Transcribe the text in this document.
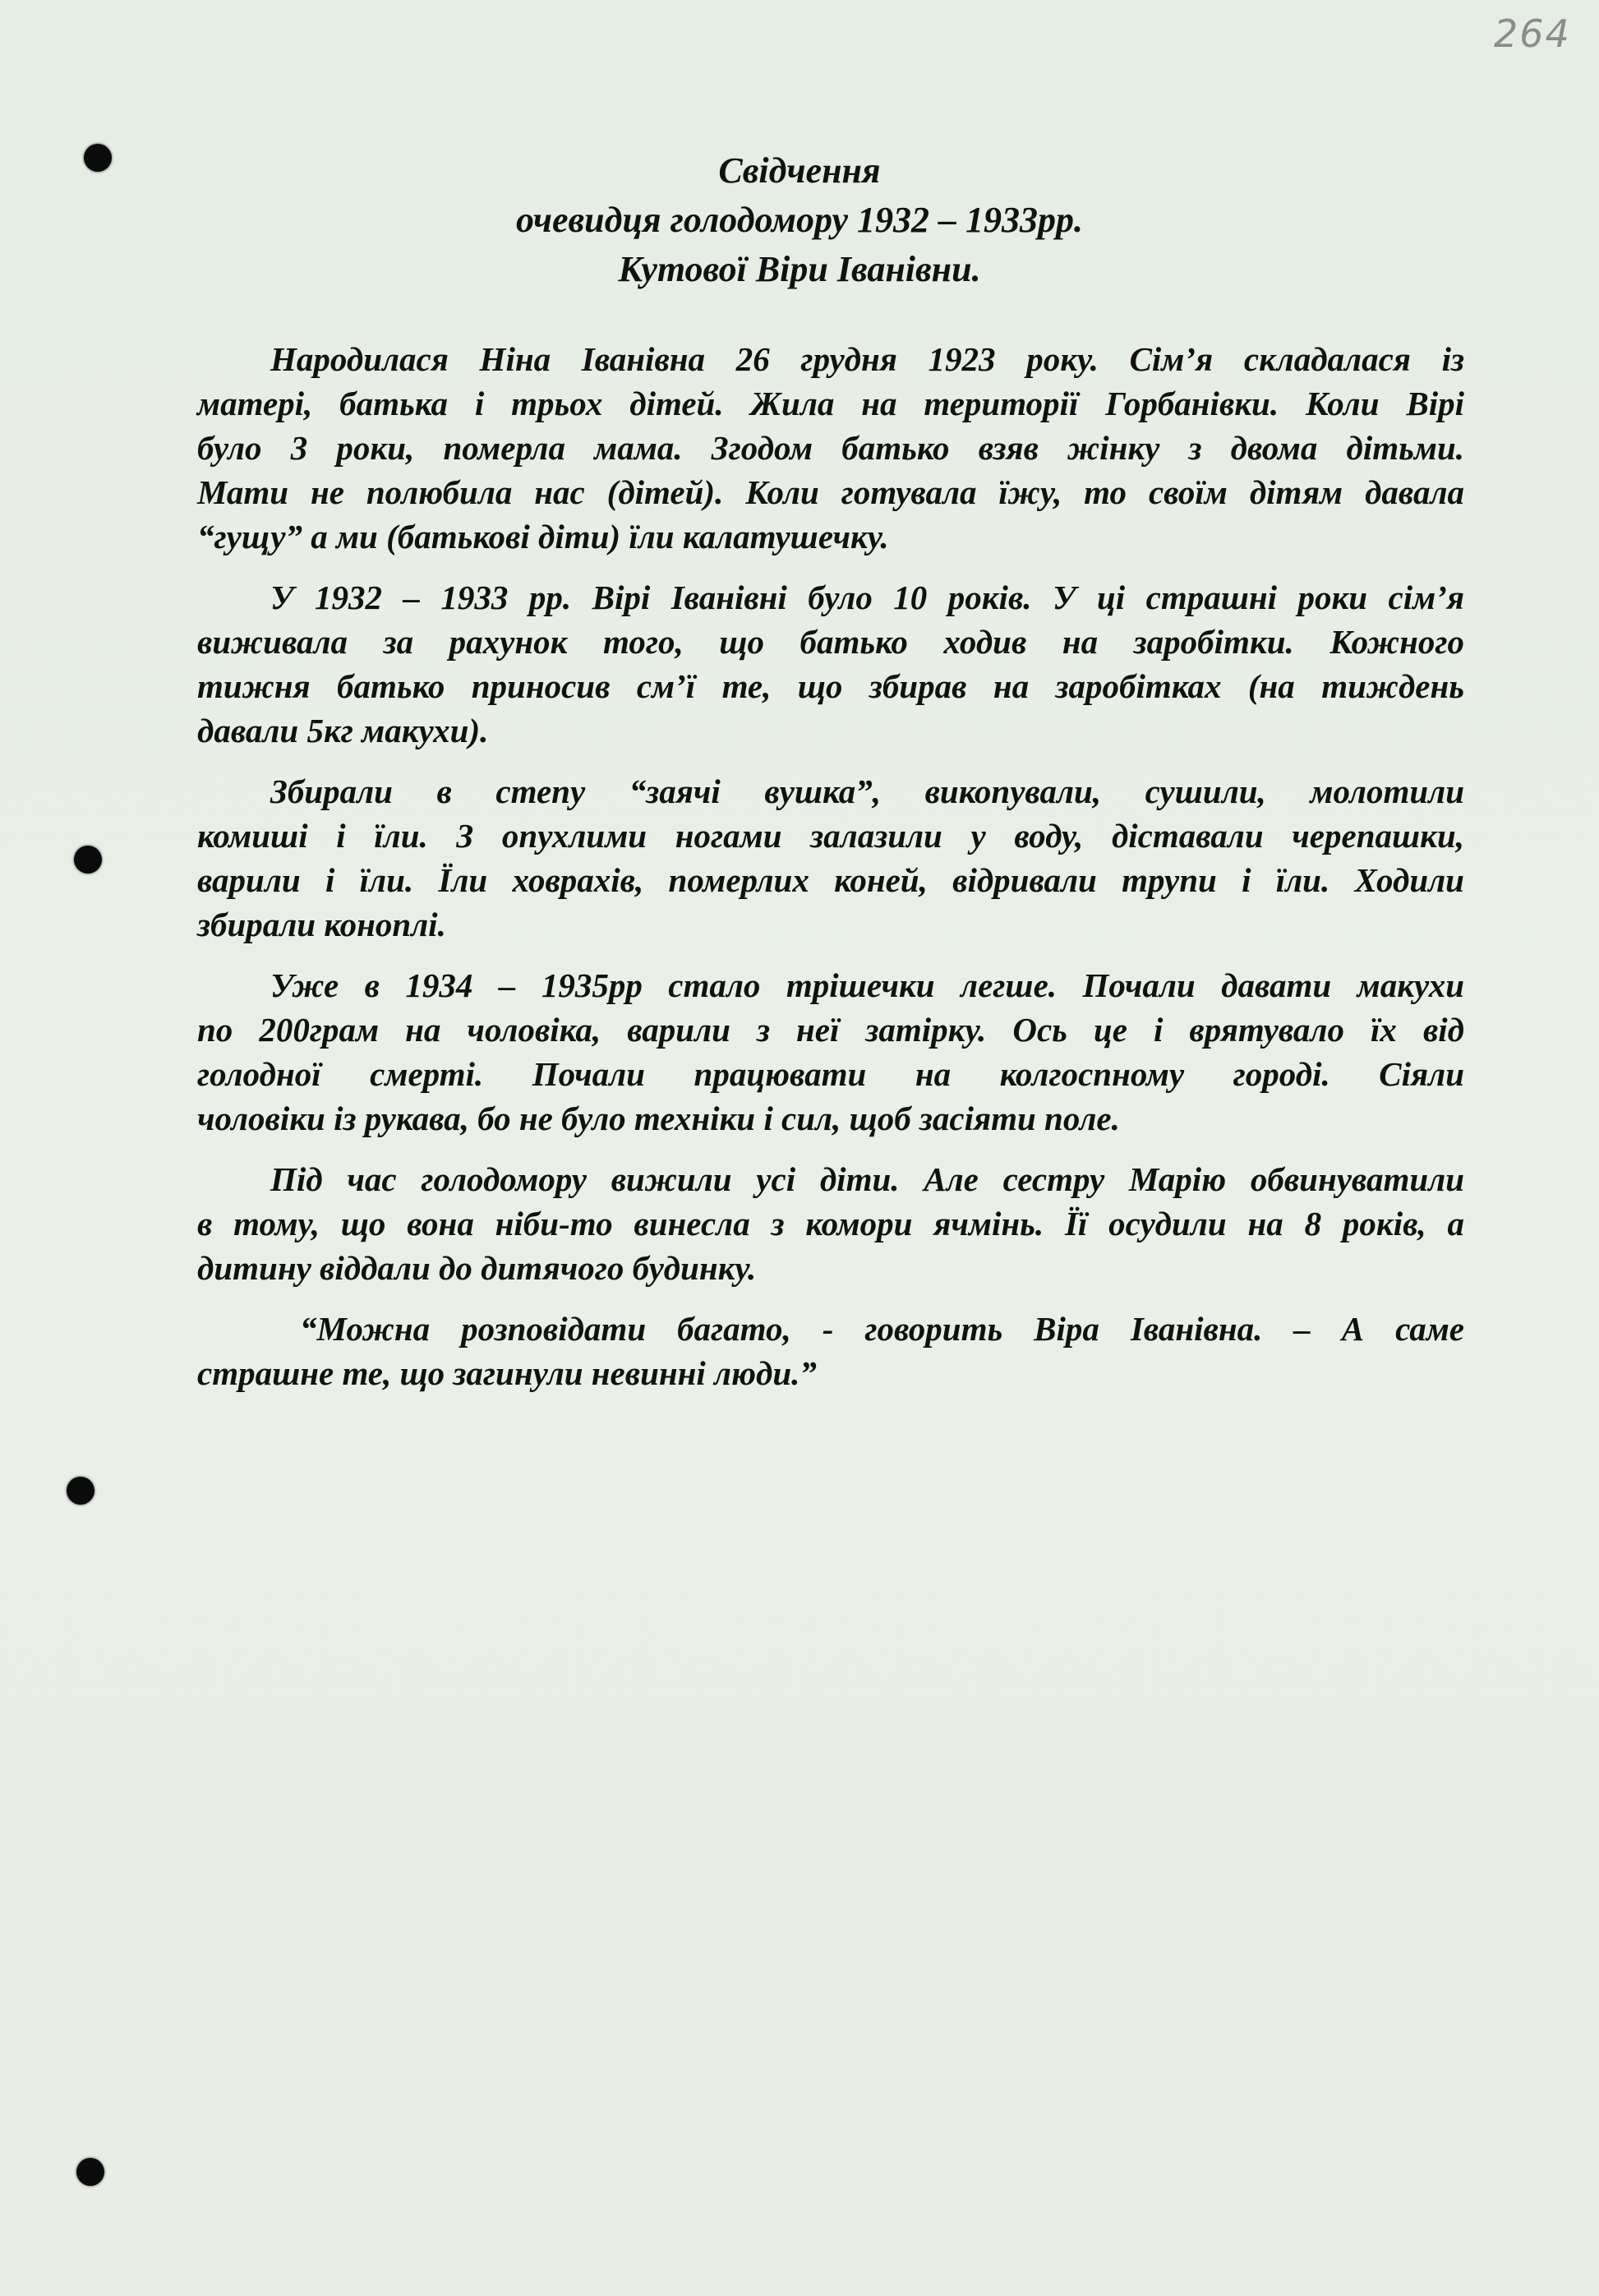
264
Свідчення
очевидця голодомору 1932 – 1933рр.
Кутової Віри Іванівни.
Народилася Ніна Іванівна 26 грудня 1923 року. Сім’я складалася із
матері, батька і трьох дітей. Жила на території Горбанівки. Коли Вірі
було 3 роки, померла мама. Згодом батько взяв жінку з двома дітьми.
Мати не полюбила нас (дітей). Коли готувала їжу, то своїм дітям давала
“гущу” а ми (батькові діти) їли калатушечку.
У 1932 – 1933 рр. Вірі Іванівні було 10 років. У ці страшні роки сім’я
виживала за рахунок того, що батько ходив на заробітки. Кожного
тижня батько приносив см’ї те, що збирав на заробітках (на тиждень
давали 5кг макухи).
Збирали в степу “заячі вушка”, викопували, сушили, молотили
комиші і їли. З опухлими ногами залазили у воду, діставали черепашки,
варили і їли. Їли ховрахів, померлих коней, відривали трупи і їли. Ходили
збирали коноплі.
Уже в 1934 – 1935рр стало трішечки легше. Почали давати макухи
по 200грам на чоловіка, варили з неї затірку. Ось це і врятувало їх від
голодної смерті. Почали працювати на колгоспному городі. Сіяли
чоловіки із рукава, бо не було техніки і сил, щоб засіяти поле.
Під час голодомору вижили усі діти. Але сестру Марію обвинуватили
в тому, що вона ніби-то винесла з комори ячмінь. Її осудили на 8 років, а
дитину віддали до дитячого будинку.
“Можна розповідати багато, - говорить Віра Іванівна. – А саме
страшне те, що загинули невинні люди.”
